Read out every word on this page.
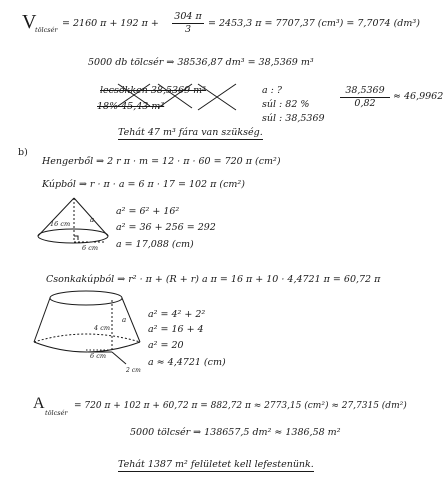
V
tölcsér
= 2160 π + 192 π +
304 π
3	= 2453,3 π = 7707,37 (cm³) = 7,7074 (dm³)
5000 db tölcsér ⇒ 38536,87 dm³ = 38,5369 m³
lecsökken 38,5369 m³
18% 45,43 m³
a : ?
súl : 82 %
súl : 38,5369
38,5369
0,82
≈ 46,9962
Tehát 47 m³ fára van szükség.
b)
Hengerből ⇒ 2 r π · m = 12 · π · 60 = 720 π (cm²)
Kúpból ⇒ r · π · a = 6 π · 17 = 102 π (cm²)
a² = 6² + 16²
a² = 36 + 256 = 292
a = 17,088 (cm)
Csonkakúpból ⇒ r² · π + (R + r) a π = 16 π + 10 · 4,4721 π = 60,72 π
a² = 4² + 2²
a² = 16 + 4
a² = 20
a ≈ 4,4721 (cm)
A
tölcsér
= 720 π + 102 π + 60,72 π = 882,72 π ≈ 2773,15 (cm²) ≈ 27,7315 (dm²)
5000 tölcsér ⇒ 138657,5 dm² ≈ 1386,58 m²
Tehát 1387 m² felületet kell lefestenünk.
16 cm	a
6 cm
4 cm
a
6 cm
2 cm
